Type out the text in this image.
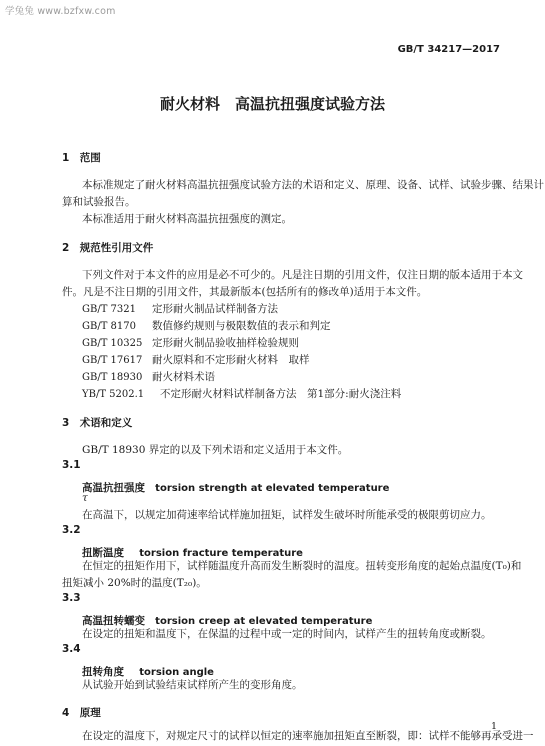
学兔兔 www.bzfxw.com
GB/T 34217—2017
耐火材料　高温抗扭强度试验方法
1　范围
本标准规定了耐火材料高温抗扭强度试验方法的术语和定义、原理、设备、试样、试验步骤、结果计
算和试验报告。
本标准适用于耐火材料高温抗扭强度的测定。
2　规范性引用文件
下列文件对于本文件的应用是必不可少的。凡是注日期的引用文件，仅注日期的版本适用于本文
件。凡是不注日期的引用文件，其最新版本(包括所有的修改单)适用于本文件。
GB/T 7321 定形耐火制品试样制备方法
GB/T 8170 数值修约规则与极限数值的表示和判定
GB/T 10325 定形耐火制品验收抽样检验规则
GB/T 17617 耐火原料和不定形耐火材料　取样
GB/T 18930 耐火材料术语
YB/T 5202.1 不定形耐火材料试样制备方法　第1部分:耐火浇注料
3　术语和定义
GB/T 18930 界定的以及下列术语和定义适用于本文件。
3.1
高温抗扭强度 torsion strength at elevated temperature
τ
在高温下，以规定加荷速率给试样施加扭矩，试样发生破坏时所能承受的极限剪切应力。
3.2
扭断温度 torsion fracture temperature
在恒定的扭矩作用下，试样随温度升高而发生断裂时的温度。扭转变形角度的起始点温度(T₀)和
扭矩减小 20%时的温度(T₂₀)。
3.3
高温扭转蠕变 torsion creep at elevated temperature
在设定的扭矩和温度下，在保温的过程中或一定的时间内，试样产生的扭转角度或断裂。
3.4
扭转角度 torsion angle
从试验开始到试验结束试样所产生的变形角度。
4　原理
在设定的温度下，对规定尺寸的试样以恒定的速率施加扭矩直至断裂，即：试样不能够再承受进一
1
